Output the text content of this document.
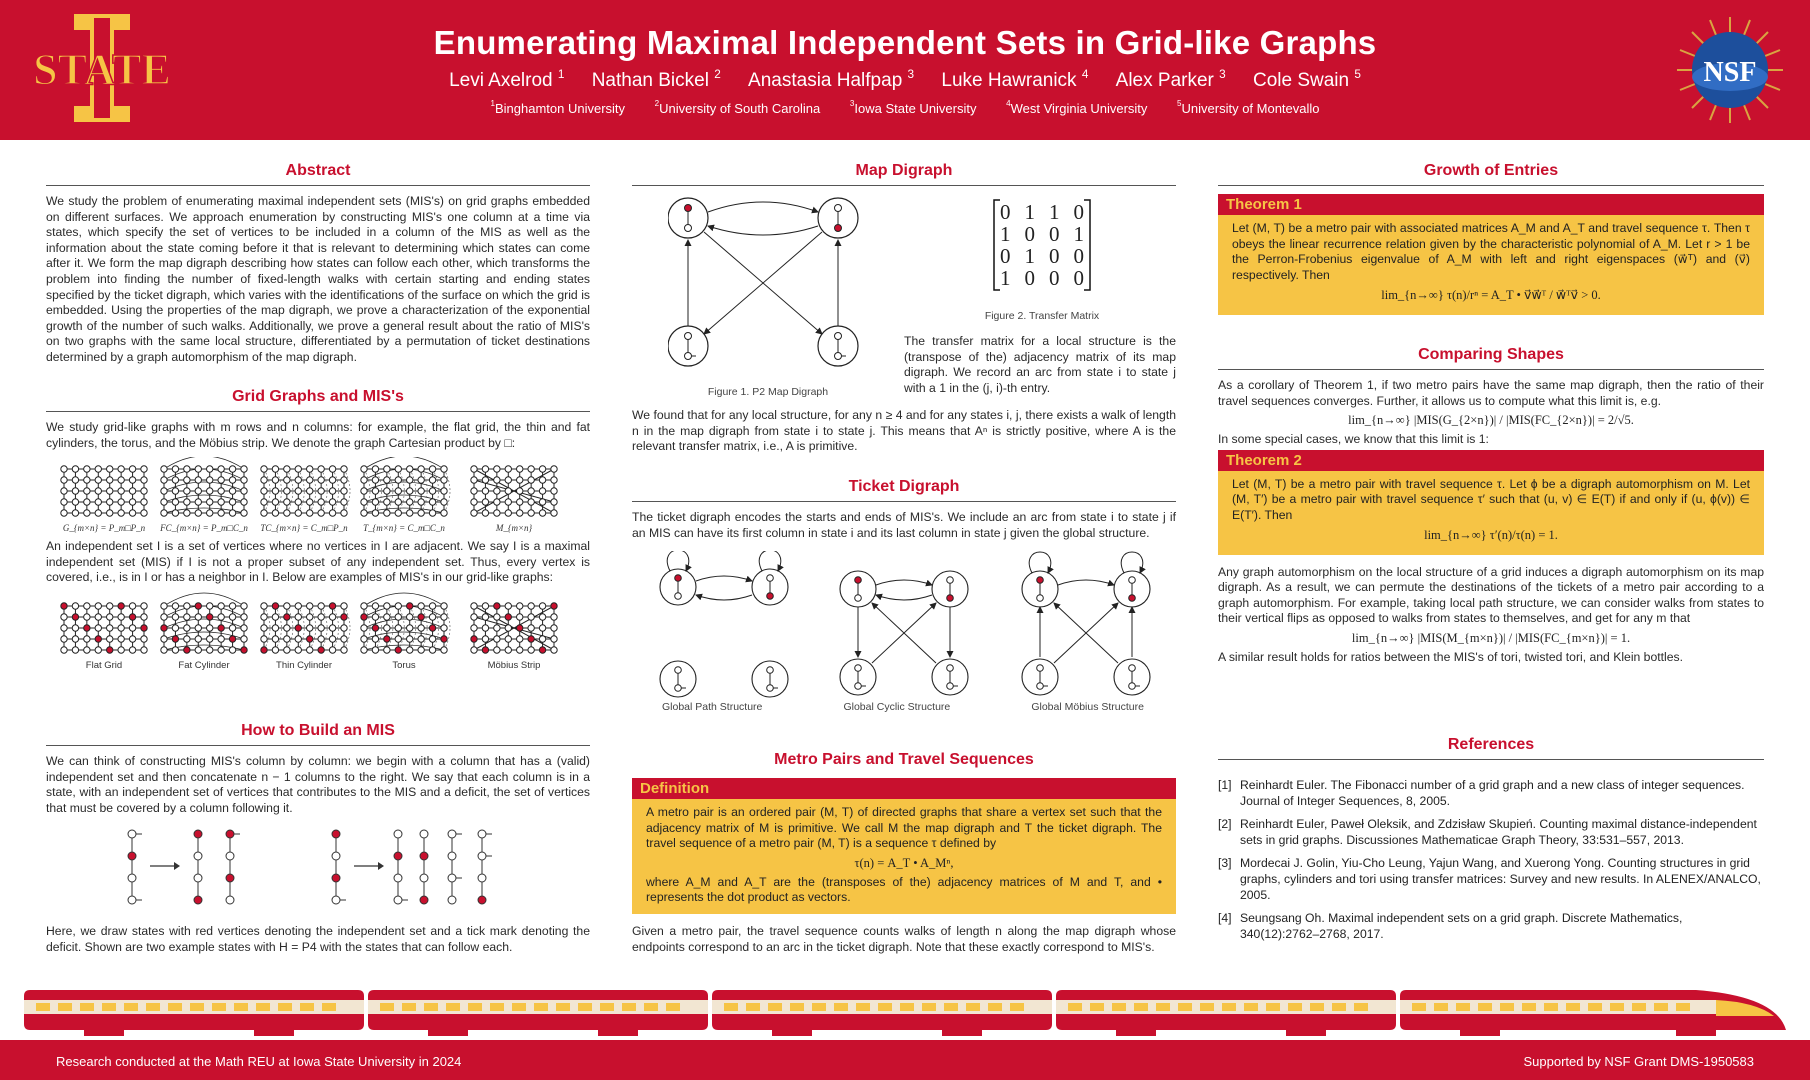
STATE
Enumerating Maximal Independent Sets in Grid-like Graphs
Levi Axelrod $^1$ Nathan Bickel $^2$ Anastasia Halfpap $^3$ Luke Hawranick $^4$ Alex Parker $^3$ Cole Swain $^5$
$^1$Binghamton University	$^2$University of South Carolina	$^3$Iowa State University	$^4$West Virginia University	$^5$University of Montevallo
NSF
Abstract
We study the problem of enumerating maximal independent sets (MIS's) on grid graphs embedded on different surfaces. We approach enumeration by constructing MIS's one column at a time via states, which specify the set of vertices to be included in a column of the MIS as well as the information about the state coming before it that is relevant to determining which states can come after it. We form the map digraph describing how states can follow each other, which transforms the problem into finding the number of fixed-length walks with certain starting and ending states specified by the ticket digraph, which varies with the identifications of the surface on which the grid is embedded. Using the properties of the map digraph, we prove a characterization of the exponential growth of the number of such walks. Additionally, we prove a general result about the ratio of MIS's on two graphs with the same local structure, differentiated by a permutation of ticket destinations determined by a graph automorphism of the map digraph.
Grid Graphs and MIS's
We study grid-like graphs with m rows and n columns: for example, the flat grid, the thin and fat cylinders, the torus, and the Möbius strip. We denote the graph Cartesian product by □:
G_{m×n} = P_m□P_n FC_{m×n} = P_m□C_n TC_{m×n} = C_m□P_n T_{m×n} = C_m□C_n	M_{m×n}
An independent set I is a set of vertices where no vertices in I are adjacent. We say I is a maximal independent set (MIS) if I is not a proper subset of any independent set. Thus, every vertex is covered, i.e., is in I or has a neighbor in I. Below are examples of MIS's in our grid-like graphs:
Flat Grid	Fat Cylinder	Thin Cylinder	Torus	Möbius Strip
How to Build an MIS
We can think of constructing MIS's column by column: we begin with a column that has a (valid) independent set and then concatenate n − 1 columns to the right. We say that each column is in a state, with an independent set of vertices that contributes to the MIS and a deficit, the set of vertices that must be covered by a column following it.
Here, we draw states with red vertices denoting the independent set and a tick mark denoting the deficit. Shown are two example states with H = P4 with the states that can follow each.
Map Digraph
Figure 1. P2 Map Digraph
0 1 1 0
1 0 0 1
0 1 0 0
1 0 0 0
Figure 2. Transfer Matrix
The transfer matrix for a local structure is the (transpose of the) adjacency matrix of its map digraph. We record an arc from state i to state j with a 1 in the (j, i)-th entry.
We found that for any local structure, for any n ≥ 4 and for any states i, j, there exists a walk of length n in the map digraph from state i to state j. This means that Aⁿ is strictly positive, where A is the relevant transfer matrix, i.e., A is primitive.
Ticket Digraph
The ticket digraph encodes the starts and ends of MIS's. We include an arc from state i to state j if an MIS can have its first column in state i and its last column in state j given the global structure.
Global Path Structure	Global Cyclic Structure	Global Möbius Structure
Metro Pairs and Travel Sequences
Definition
A metro pair is an ordered pair (M, T) of directed graphs that share a vertex set such that the adjacency matrix of M is primitive. We call M the map digraph and T the ticket digraph. The travel sequence of a metro pair (M, T) is a sequence τ defined by
τ(n) = A_T • A_Mⁿ,
where A_M and A_T are the (transposes of the) adjacency matrices of M and T, and • represents the dot product as vectors.
Given a metro pair, the travel sequence counts walks of length n along the map digraph whose endpoints correspond to an arc in the ticket digraph. Note that these exactly correspond to MIS's.
Growth of Entries
Theorem 1
Let (M, T) be a metro pair with associated matrices A_M and A_T and travel sequence τ. Then τ obeys the linear recurrence relation given by the characteristic polynomial of A_M. Let r > 1 be the Perron-Frobenius eigenvalue of A_M with left and right eigenspaces (w⃗ᵀ) and (v⃗) respectively. Then
lim_{n→∞} τ(n)/rⁿ = A_T • v⃗w⃗ᵀ / w⃗ᵀv⃗ > 0.
Comparing Shapes
As a corollary of Theorem 1, if two metro pairs have the same map digraph, then the ratio of their travel sequences converges. Further, it allows us to compute what this limit is, e.g.
lim_{n→∞} |MIS(G_{2×n})| / |MIS(FC_{2×n})| = 2/√5.
In some special cases, we know that this limit is 1:
Theorem 2
Let (M, T) be a metro pair with travel sequence τ. Let ϕ be a digraph automorphism on M. Let (M, T′) be a metro pair with travel sequence τ′ such that (u, v) ∈ E(T) if and only if (u, ϕ(v)) ∈ E(T′). Then
lim_{n→∞} τ′(n)/τ(n) = 1.
Any graph automorphism on the local structure of a grid induces a digraph automorphism on its map digraph. As a result, we can permute the destinations of the tickets of a metro pair according to a graph automorphism. For example, taking local path structure, we can consider walks from states to their vertical flips as opposed to walks from states to themselves, and get for any m that
lim_{n→∞} |MIS(M_{m×n})| / |MIS(FC_{m×n})| = 1.
A similar result holds for ratios between the MIS's of tori, twisted tori, and Klein bottles.
References
[1] Reinhardt Euler. The Fibonacci number of a grid graph and a new class of integer sequences. Journal of Integer Sequences, 8, 2005.
[2] Reinhardt Euler, Paweł Oleksik, and Zdzisław Skupień. Counting maximal distance-independent sets in grid graphs. Discussiones Mathematicae Graph Theory, 33:531–557, 2013.
[3] Mordecai J. Golin, Yiu-Cho Leung, Yajun Wang, and Xuerong Yong. Counting structures in grid graphs, cylinders and tori using transfer matrices: Survey and new results. In ALENEX/ANALCO, 2005.
[4] Seungsang Oh. Maximal independent sets on a grid graph. Discrete Mathematics, 340(12):2762–2768, 2017.
Research conducted at the Math REU at Iowa State University in 2024	Supported by NSF Grant DMS-1950583
